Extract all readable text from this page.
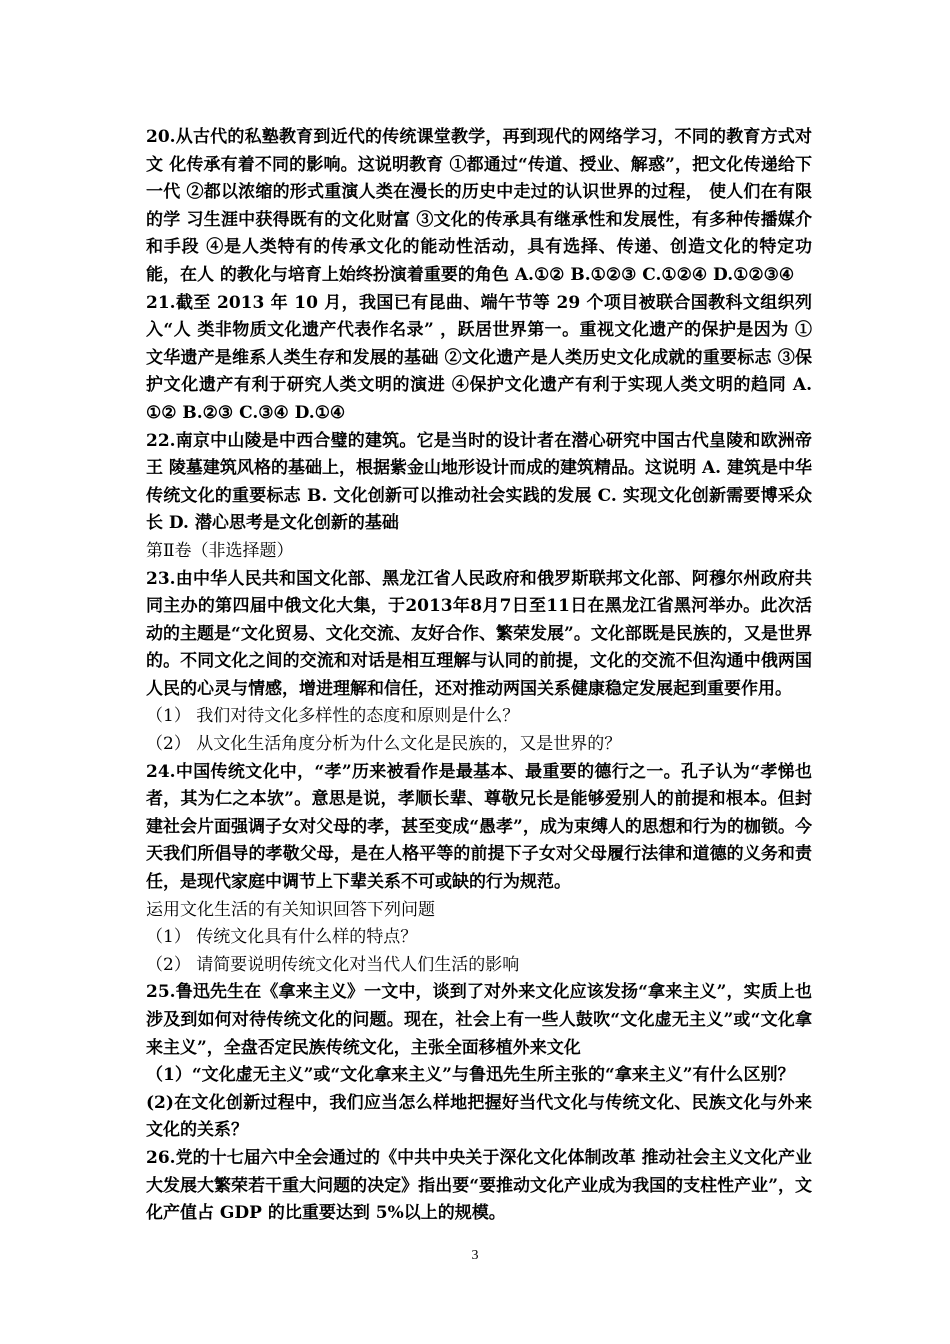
20.从古代的私塾教育到近代的传统课堂教学，再到现代的网络学习，不同的教育方式对文 化传承有着不同的影响。这说明教育 ①都通过“传道、授业、解惑”，把文化传递给下一代 ②都以浓缩的形式重演人类在漫长的历史中走过的认识世界的过程， 使人们在有限的学 习生涯中获得既有的文化财富 ③文化的传承具有继承性和发展性，有多种传播媒介和手段 ④是人类特有的传承文化的能动性活动，具有选择、传递、创造文化的特定功能，在人 的教化与培育上始终扮演着重要的角色 A.①② B.①②③ C.①②④ D.①②③④

21.截至 2013 年 10 月，我国已有昆曲、端午节等 29 个项目被联合国教科文组织列入“人 类非物质文化遗产代表作名录” ，跃居世界第一。重视文化遗产的保护是因为 ①文华遗产是维系人类生存和发展的基础 ②文化遗产是人类历史文化成就的重要标志 ③保护文化遗产有利于研究人类文明的演进 ④保护文化遗产有利于实现人类文明的趋同 A. ①② B.②③ C.③④ D.①④

22.南京中山陵是中西合璧的建筑。它是当时的设计者在潜心研究中国古代皇陵和欧洲帝王 陵墓建筑风格的基础上，根据紫金山地形设计而成的建筑精品。这说明 A. 建筑是中华传统文化的重要标志 B. 文化创新可以推动社会实践的发展 C. 实现文化创新需要博采众长 D. 潜心思考是文化创新的基础

第Ⅱ卷（非选择题）

23.由中华人民共和国文化部、黑龙江省人民政府和俄罗斯联邦文化部、阿穆尔州政府共同主办的第四届中俄文化大集，于2013年8月7日至11日在黑龙江省黑河举办。此次活动的主题是“文化贸易、文化交流、友好合作、繁荣发展”。文化部既是民族的，又是世界的。不同文化之间的交流和对话是相互理解与认同的前提，文化的交流不但沟通中俄两国人民的心灵与情感，增进理解和信任，还对推动两国关系健康稳定发展起到重要作用。

（1） 我们对待文化多样性的态度和原则是什么？

（2） 从文化生活角度分析为什么文化是民族的，又是世界的？

24.中国传统文化中，“孝”历来被看作是最基本、最重要的德行之一。孔子认为“孝悌也者，其为仁之本欤”。意思是说，孝顺长辈、尊敬兄长是能够爱别人的前提和根本。但封建社会片面强调子女对父母的孝，甚至变成“愚孝”，成为束缚人的思想和行为的枷锁。今天我们所倡导的孝敬父母，是在人格平等的前提下子女对父母履行法律和道德的义务和责任，是现代家庭中调节上下辈关系不可或缺的行为规范。

运用文化生活的有关知识回答下列问题

（1） 传统文化具有什么样的特点？

（2） 请简要说明传统文化对当代人们生活的影响

25.鲁迅先生在《拿来主义》一文中，谈到了对外来文化应该发扬“拿来主义”，实质上也涉及到如何对待传统文化的问题。现在，社会上有一些人鼓吹“文化虚无主义”或“文化拿来主义”，全盘否定民族传统文化，主张全面移植外来文化

（1）“文化虚无主义”或“文化拿来主义”与鲁迅先生所主张的“拿来主义”有什么区别？

(2)在文化创新过程中，我们应当怎么样地把握好当代文化与传统文化、民族文化与外来文化的关系？

26.党的十七届六中全会通过的《中共中央关于深化文化体制改革 推动社会主义文化产业大发展大繁荣若干重大问题的决定》指出要“要推动文化产业成为我国的支柱性产业”，文化产值占 GDP 的比重要达到 5%以上的规模。

3
